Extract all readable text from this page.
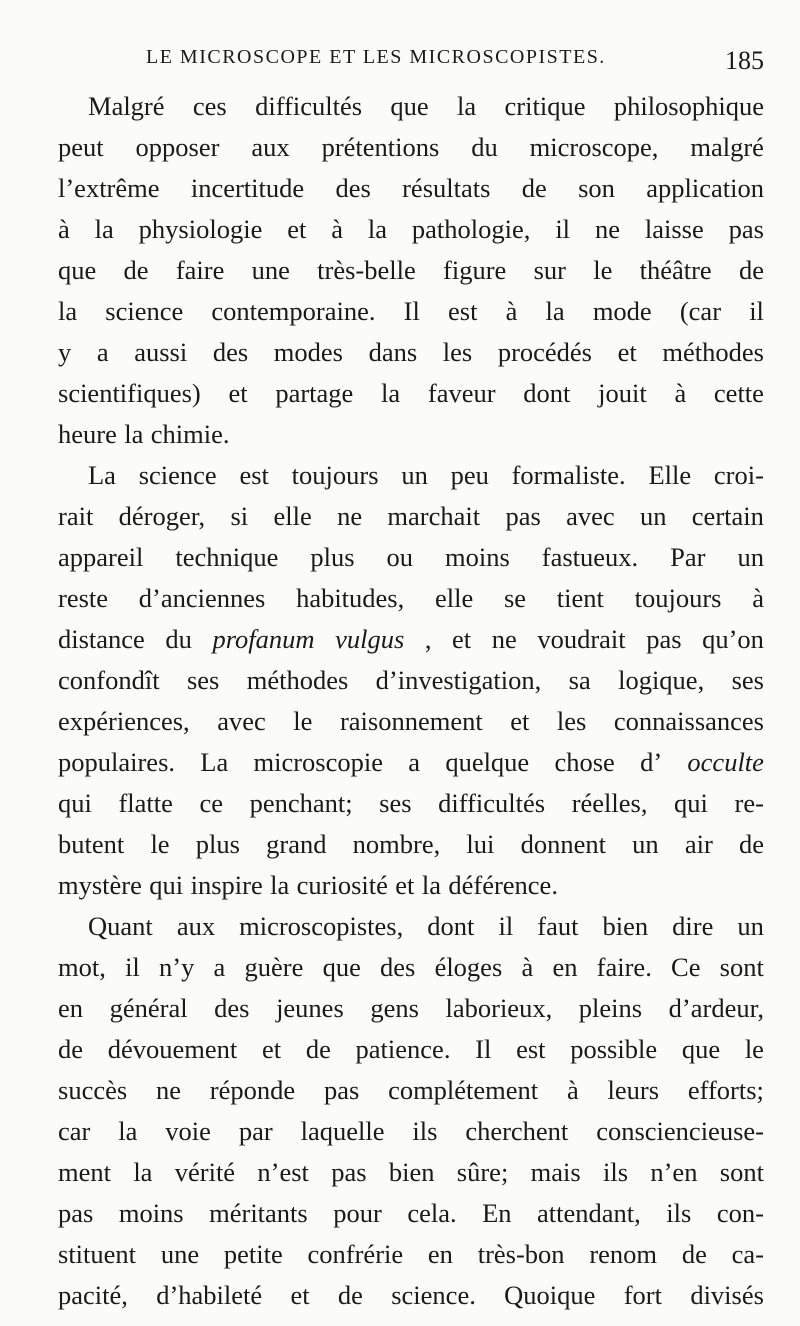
LE MICROSCOPE ET LES MICROSCOPISTES.	185
Malgré ces difficultés que la critique philosophique
peut opposer aux prétentions du microscope, malgré
l’extrême incertitude des résultats de son application
à la physiologie et à la pathologie, il ne laisse pas
que de faire une très-belle figure sur le théâtre de
la science contemporaine. Il est à la mode (car il
y a aussi des modes dans les procédés et méthodes
scientifiques) et partage la faveur dont jouit à cette
heure la chimie.
La science est toujours un peu formaliste. Elle croi-
rait déroger, si elle ne marchait pas avec un certain
appareil technique plus ou moins fastueux. Par un
reste d’anciennes habitudes, elle se tient toujours à
distance du profanum vulgus , et ne voudrait pas qu’on
confondît ses méthodes d’investigation, sa logique, ses
expériences, avec le raisonnement et les connaissances
populaires. La microscopie a quelque chose d’ occulte
qui flatte ce penchant; ses difficultés réelles, qui re-
butent le plus grand nombre, lui donnent un air de
mystère qui inspire la curiosité et la déférence.
Quant aux microscopistes, dont il faut bien dire un
mot, il n’y a guère que des éloges à en faire. Ce sont
en général des jeunes gens laborieux, pleins d’ardeur,
de dévouement et de patience. Il est possible que le
succès ne réponde pas complétement à leurs efforts;
car la voie par laquelle ils cherchent consciencieuse-
ment la vérité n’est pas bien sûre; mais ils n’en sont
pas moins méritants pour cela. En attendant, ils con-
stituent une petite confrérie en très-bon renom de ca-
pacité, d’habileté et de science. Quoique fort divisés
